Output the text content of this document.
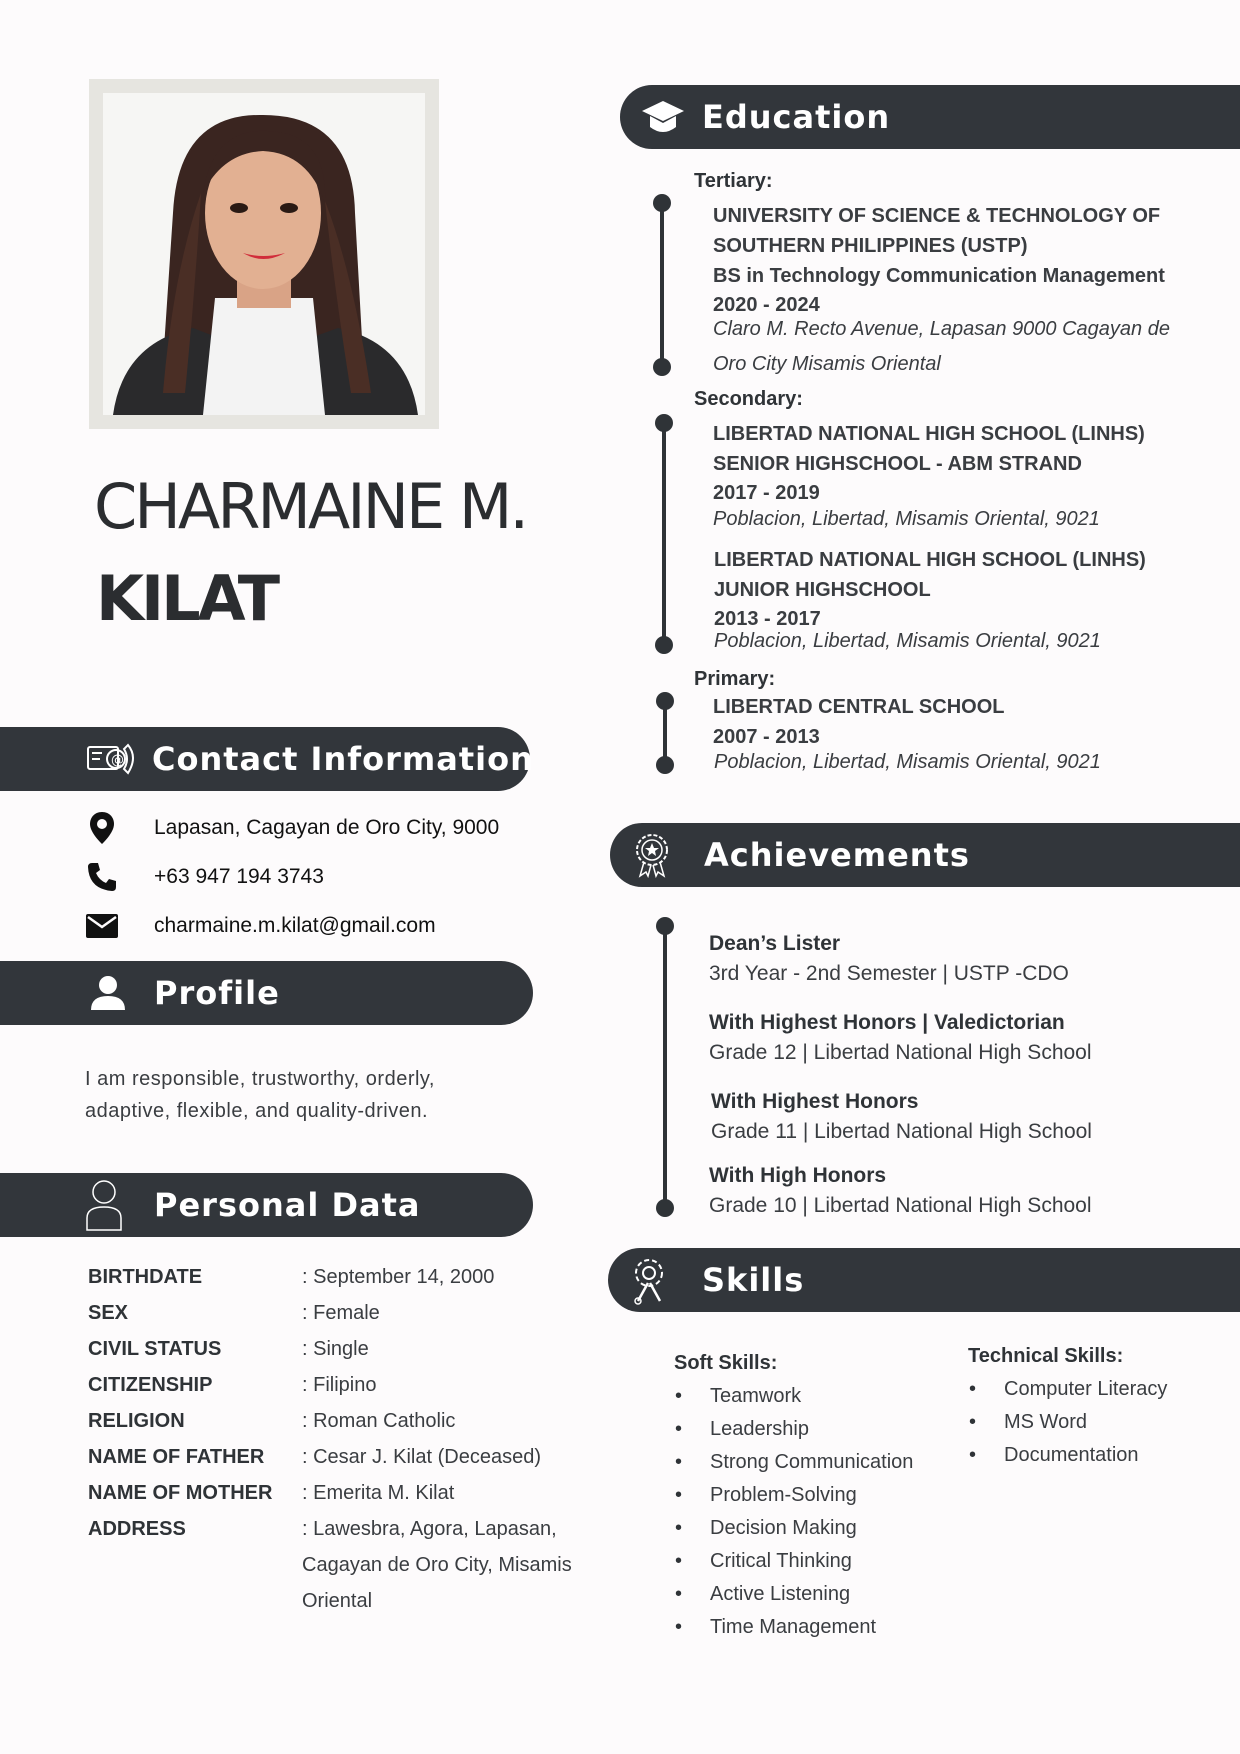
CHARMAINE M.
KILAT
@ Contact Information
Lapasan, Cagayan de Oro City, 9000
+63 947 194 3743
charmaine.m.kilat@gmail.com
Profile
I am responsible, trustworthy, orderly, adaptive, flexible, and quality-driven.
Personal Data
BIRTHDATE	: September 14, 2000
SEX	: Female
CIVIL STATUS	: Single
CITIZENSHIP	: Filipino
RELIGION	: Roman Catholic
NAME OF FATHER : Cesar J. Kilat (Deceased)
NAME OF MOTHER : Emerita M. Kilat
ADDRESS	: Lawesbra, Agora, Lapasan, Cagayan de Oro City, Misamis Oriental
Education
Tertiary:
UNIVERSITY OF SCIENCE & TECHNOLOGY OF
SOUTHERN PHILIPPINES (USTP)
BS in Technology Communication Management
2020 - 2024
Claro M. Recto Avenue, Lapasan 9000 Cagayan de
Oro City Misamis Oriental
Secondary:
LIBERTAD NATIONAL HIGH SCHOOL (LINHS)
SENIOR HIGHSCHOOL - ABM STRAND
2017 - 2019
Poblacion, Libertad, Misamis Oriental, 9021
LIBERTAD NATIONAL HIGH SCHOOL (LINHS)
JUNIOR HIGHSCHOOL
2013 - 2017
Poblacion, Libertad, Misamis Oriental, 9021
Primary:
LIBERTAD CENTRAL SCHOOL
2007 - 2013
Poblacion, Libertad, Misamis Oriental, 9021
Achievements
Dean’s Lister
3rd Year - 2nd Semester | USTP -CDO
With Highest Honors | Valedictorian
Grade 12 | Libertad National High School
With Highest Honors
Grade 11 | Libertad National High School
With High Honors
Grade 10 | Libertad National High School
Skills
Soft Skills:
• Teamwork
• Leadership
• Strong Communication
• Problem-Solving
• Decision Making
• Critical Thinking
• Active Listening
• Time Management
Technical Skills:
• Computer Literacy
• MS Word
• Documentation
